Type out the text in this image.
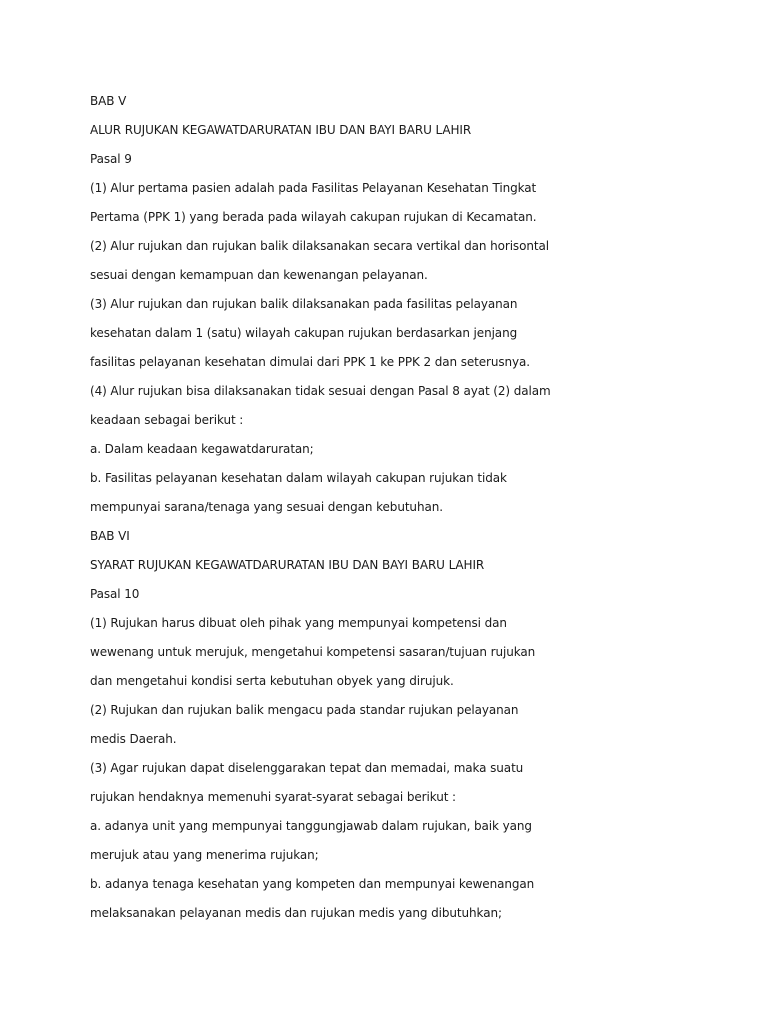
BAB V
ALUR RUJUKAN KEGAWATDARURATAN IBU DAN BAYI BARU LAHIR
Pasal 9
(1) Alur pertama pasien adalah pada Fasilitas Pelayanan Kesehatan Tingkat
Pertama (PPK 1) yang berada pada wilayah cakupan rujukan di Kecamatan.
(2) Alur rujukan dan rujukan balik dilaksanakan secara vertikal dan horisontal
sesuai dengan kemampuan dan kewenangan pelayanan.
(3) Alur rujukan dan rujukan balik dilaksanakan pada fasilitas pelayanan
kesehatan dalam 1 (satu) wilayah cakupan rujukan berdasarkan jenjang
fasilitas pelayanan kesehatan dimulai dari PPK 1 ke PPK 2 dan seterusnya.
(4) Alur rujukan bisa dilaksanakan tidak sesuai dengan Pasal 8 ayat (2) dalam
keadaan sebagai berikut :
a. Dalam keadaan kegawatdaruratan;
b. Fasilitas pelayanan kesehatan dalam wilayah cakupan rujukan tidak
mempunyai sarana/tenaga yang sesuai dengan kebutuhan.
BAB VI
SYARAT RUJUKAN KEGAWATDARURATAN IBU DAN BAYI BARU LAHIR
Pasal 10
(1) Rujukan harus dibuat oleh pihak yang mempunyai kompetensi dan
wewenang untuk merujuk, mengetahui kompetensi sasaran/tujuan rujukan
dan mengetahui kondisi serta kebutuhan obyek yang dirujuk.
(2) Rujukan dan rujukan balik mengacu pada standar rujukan pelayanan
medis Daerah.
(3) Agar rujukan dapat diselenggarakan tepat dan memadai, maka suatu
rujukan hendaknya memenuhi syarat-syarat sebagai berikut :
a. adanya unit yang mempunyai tanggungjawab dalam rujukan, baik yang
merujuk atau yang menerima rujukan;
b. adanya tenaga kesehatan yang kompeten dan mempunyai kewenangan
melaksanakan pelayanan medis dan rujukan medis yang dibutuhkan;
